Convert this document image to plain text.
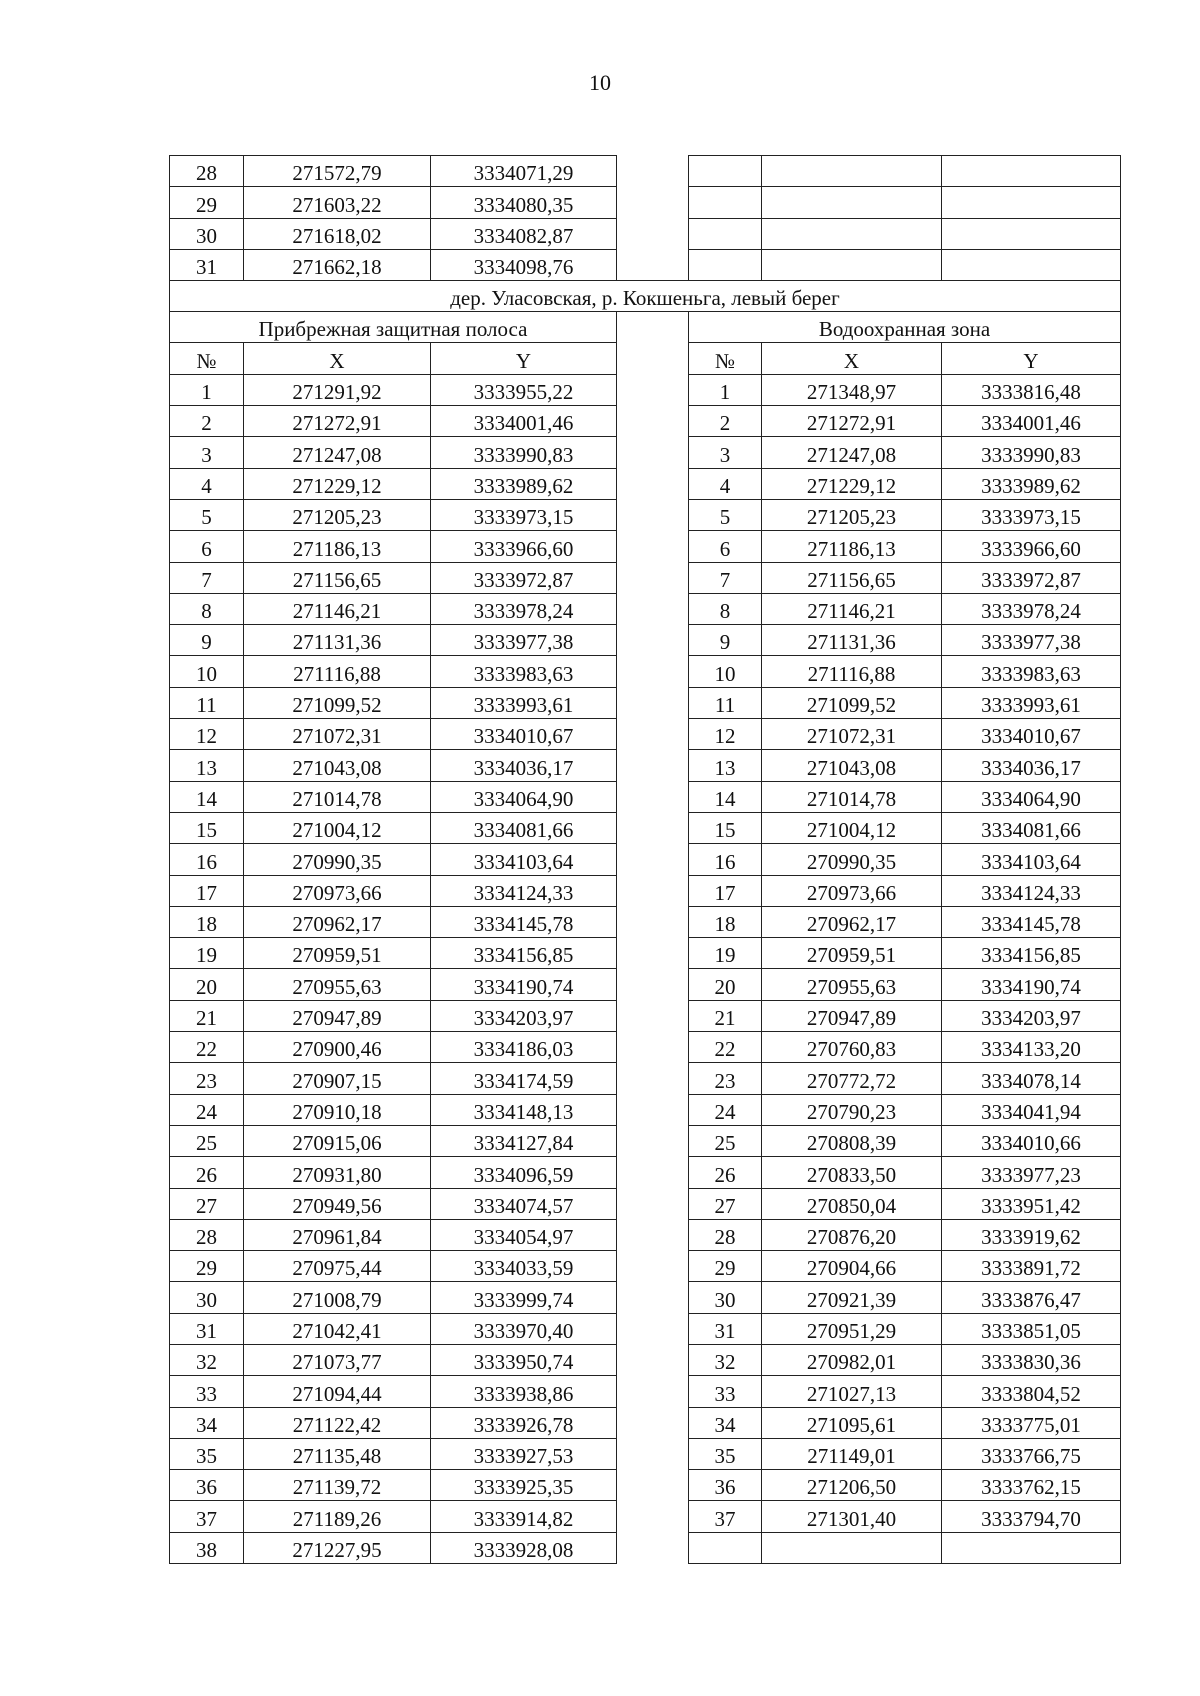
10
28	271572,79	3334071,29				
29	271603,22	3334080,35				
30	271618,02	3334082,87				
31	271662,18	3334098,76				
дер. Уласовская, р. Кокшеньга, левый берег						
Прибрежная защитная полоса				Водоохранная зона		
№	X	Y		№	X	Y
1	271291,92	3333955,22		1	271348,97	3333816,48
2	271272,91	3334001,46		2	271272,91	3334001,46
3	271247,08	3333990,83		3	271247,08	3333990,83
4	271229,12	3333989,62		4	271229,12	3333989,62
5	271205,23	3333973,15		5	271205,23	3333973,15
6	271186,13	3333966,60		6	271186,13	3333966,60
7	271156,65	3333972,87		7	271156,65	3333972,87
8	271146,21	3333978,24		8	271146,21	3333978,24
9	271131,36	3333977,38		9	271131,36	3333977,38
10	271116,88	3333983,63		10	271116,88	3333983,63
11	271099,52	3333993,61		11	271099,52	3333993,61
12	271072,31	3334010,67		12	271072,31	3334010,67
13	271043,08	3334036,17		13	271043,08	3334036,17
14	271014,78	3334064,90		14	271014,78	3334064,90
15	271004,12	3334081,66		15	271004,12	3334081,66
16	270990,35	3334103,64		16	270990,35	3334103,64
17	270973,66	3334124,33		17	270973,66	3334124,33
18	270962,17	3334145,78		18	270962,17	3334145,78
19	270959,51	3334156,85		19	270959,51	3334156,85
20	270955,63	3334190,74		20	270955,63	3334190,74
21	270947,89	3334203,97		21	270947,89	3334203,97
22	270900,46	3334186,03		22	270760,83	3334133,20
23	270907,15	3334174,59		23	270772,72	3334078,14
24	270910,18	3334148,13		24	270790,23	3334041,94
25	270915,06	3334127,84		25	270808,39	3334010,66
26	270931,80	3334096,59		26	270833,50	3333977,23
27	270949,56	3334074,57		27	270850,04	3333951,42
28	270961,84	3334054,97		28	270876,20	3333919,62
29	270975,44	3334033,59		29	270904,66	3333891,72
30	271008,79	3333999,74		30	270921,39	3333876,47
31	271042,41	3333970,40		31	270951,29	3333851,05
32	271073,77	3333950,74		32	270982,01	3333830,36
33	271094,44	3333938,86		33	271027,13	3333804,52
34	271122,42	3333926,78		34	271095,61	3333775,01
35	271135,48	3333927,53		35	271149,01	3333766,75
36	271139,72	3333925,35		36	271206,50	3333762,15
37	271189,26	3333914,82		37	271301,40	3333794,70
38	271227,95	3333928,08				
